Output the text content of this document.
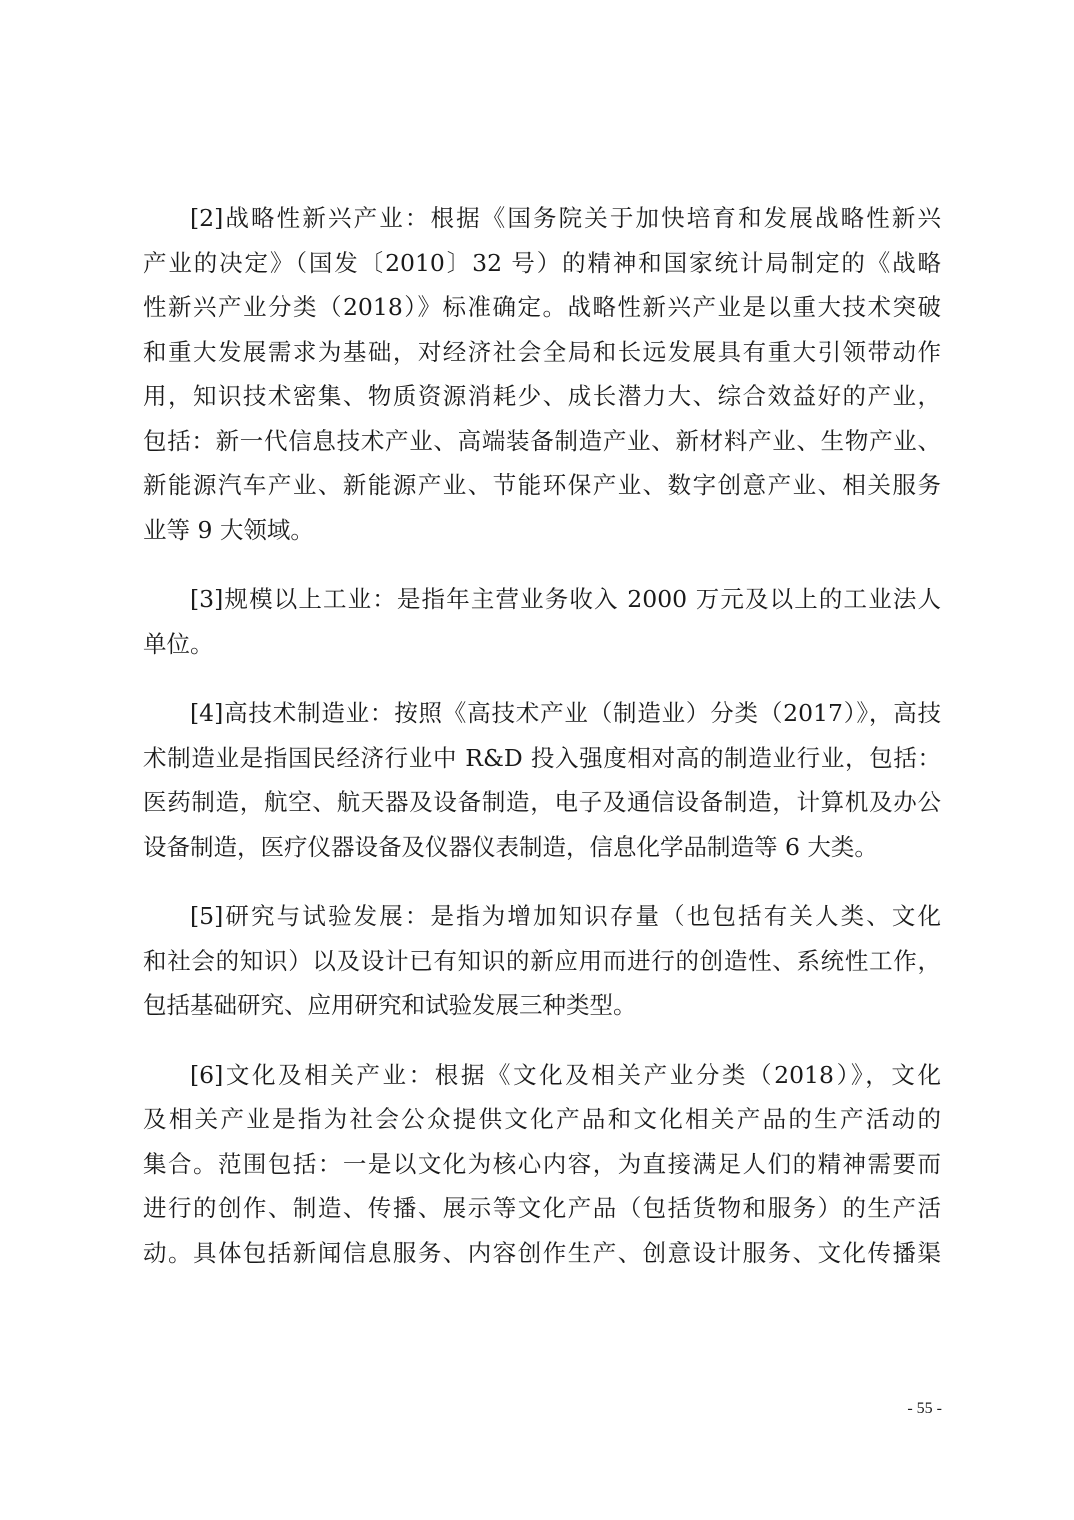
[2]战略性新兴产业：根据《国务院关于加快培育和发展战略性新兴
产业的决定》（国发〔2010〕32 号）的精神和国家统计局制定的《战略
性新兴产业分类（2018）》标准确定。战略性新兴产业是以重大技术突破
和重大发展需求为基础，对经济社会全局和长远发展具有重大引领带动作
用，知识技术密集、物质资源消耗少、成长潜力大、综合效益好的产业，
包括：新一代信息技术产业、高端装备制造产业、新材料产业、生物产业、
新能源汽车产业、新能源产业、节能环保产业、数字创意产业、相关服务
业等 9 大领域。
[3]规模以上工业：是指年主营业务收入 2000 万元及以上的工业法人
单位。
[4]高技术制造业：按照《高技术产业（制造业）分类（2017）》，高技
术制造业是指国民经济行业中 R&D 投入强度相对高的制造业行业，包括：
医药制造，航空、航天器及设备制造，电子及通信设备制造，计算机及办公
设备制造，医疗仪器设备及仪器仪表制造，信息化学品制造等 6 大类。
[5]研究与试验发展：是指为增加知识存量（也包括有关人类、文化
和社会的知识）以及设计已有知识的新应用而进行的创造性、系统性工作，
包括基础研究、应用研究和试验发展三种类型。
[6]文化及相关产业：根据《文化及相关产业分类（2018）》，文化
及相关产业是指为社会公众提供文化产品和文化相关产品的生产活动的
集合。范围包括：一是以文化为核心内容，为直接满足人们的精神需要而
进行的创作、制造、传播、展示等文化产品（包括货物和服务）的生产活
动。具体包括新闻信息服务、内容创作生产、创意设计服务、文化传播渠
- 55 -
